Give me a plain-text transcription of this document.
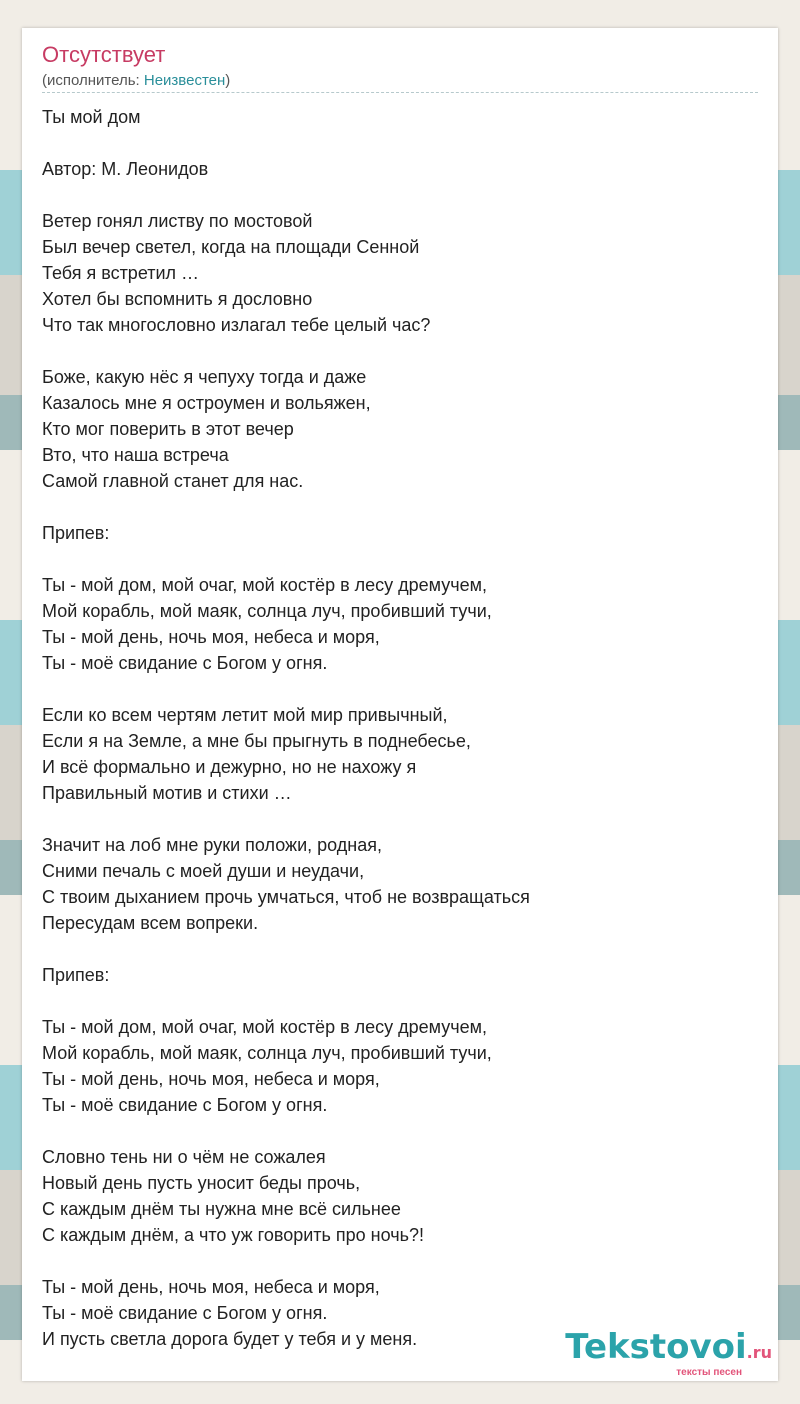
Отсутствует
(исполнитель: Неизвестен)
Ты мой дом
Автор: М. Леонидов
Ветер гонял листву по мостовой
Был вечер светел, когда на площади Сенной
Тебя я встретил …
Хотел бы вспомнить я дословно
Что так многословно излагал тебе целый час?
Боже, какую нёс я чепуху тогда и даже
Казалось мне я остроумен и вольяжен,
Кто мог поверить в этот вечер
Вто, что наша встреча
Самой главной станет для нас.
Припев:
Ты - мой дом, мой очаг, мой костёр в лесу дремучем,
Мой корабль, мой маяк, солнца луч, пробивший тучи,
Ты - мой день, ночь моя, небеса и моря,
Ты - моё свидание с Богом у огня.
Если ко всем чертям летит мой мир привычный,
Если я на Земле, а мне бы прыгнуть в поднебесье,
И всё формально и дежурно, но не нахожу я
Правильный мотив и стихи …
Значит на лоб мне руки положи, родная,
Сними печаль с моей души и неудачи,
С твоим дыханием прочь умчаться, чтоб не возвращаться
Пересудам всем вопреки.
Припев:
Ты - мой дом, мой очаг, мой костёр в лесу дремучем,
Мой корабль, мой маяк, солнца луч, пробивший тучи,
Ты - мой день, ночь моя, небеса и моря,
Ты - моё свидание с Богом у огня.
Словно тень ни о чём не сожалея
Новый день пусть уносит беды прочь,
С каждым днём ты нужна мне всё сильнее
С каждым днём, а что уж говорить про ночь?!
Ты - мой день, ночь моя, небеса и моря,
Ты - моё свидание с Богом у огня.
И пусть светла дорога будет у тебя и у меня.	Tekstovoi.ru
тексты песен
